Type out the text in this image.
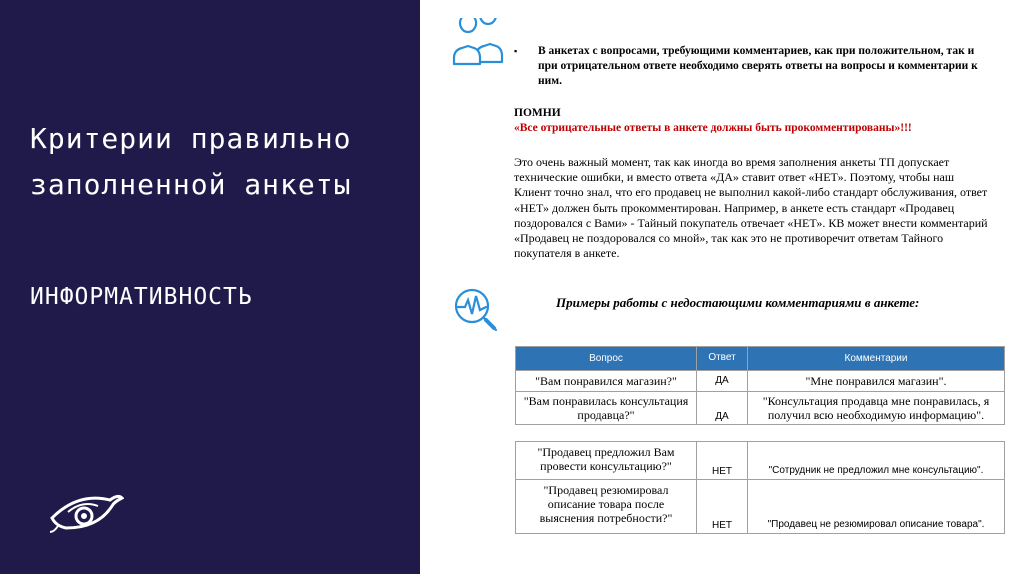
Критерии правильно заполненной анкеты
ИНФОРМАТИВНОСТЬ
▪ В анкетах с вопросами, требующими комментариев, как при положительном, так и при отрицательном ответе необходимо сверять ответы на вопросы и комментарии к ним.
ПОМНИ
«Все отрицательные ответы в анкете должны быть прокомментированы»!!!
Это очень важный момент, так как иногда во время заполнения анкеты ТП допускает технические ошибки, и вместо ответа «ДА» ставит ответ «НЕТ». Поэтому, чтобы наш Клиент точно знал, что его продавец не выполнил какой-либо стандарт обслуживания, ответ «НЕТ» должен быть прокомментирован. Например, в анкете есть стандарт «Продавец поздоровался с Вами» - Тайный покупатель отвечает «НЕТ». КВ может внести комментарий «Продавец не поздоровался со мной», так как это не противоречит ответам Тайного покупателя в анкете.
Примеры работы с недостающими комментариями в анкете:
Вопрос	Ответ	Комментарии
"Вам понравился магазин?"	ДА	"Мне понравился магазин".
"Вам понравилась консультация продавца?"	ДА	"Консультация продавца мне понравилась, я получил всю необходимую информацию".
"Продавец предложил Вам провести консультацию?"	НЕТ	"Сотрудник не предложил мне консультацию".
"Продавец резюмировал описание товара после выяснения потребности?"	НЕТ	"Продавец не резюмировал описание товара".
